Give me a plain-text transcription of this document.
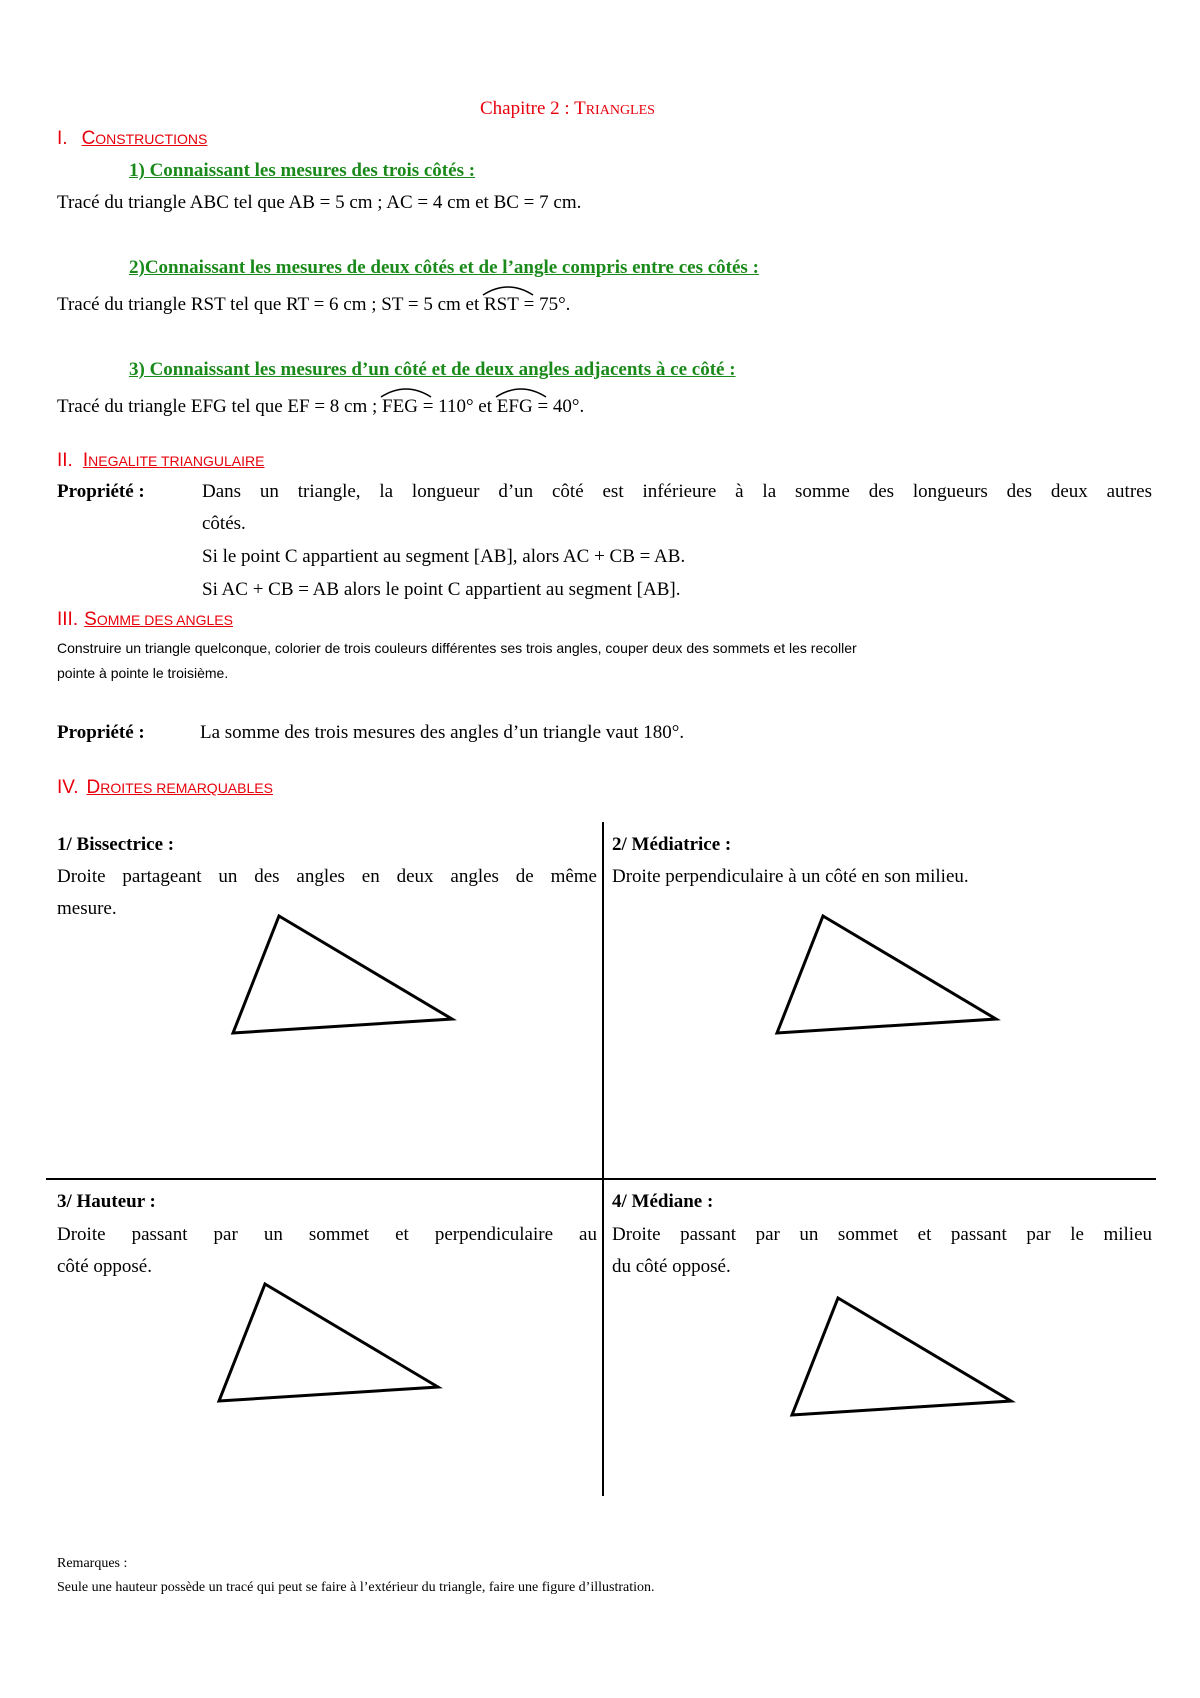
Chapitre 2 : TRIANGLES
I. CONSTRUCTIONS
1) Connaissant les mesures des trois côtés :
Tracé du triangle ABC tel que AB = 5 cm ; AC = 4 cm et BC = 7 cm.
2)Connaissant les mesures de deux côtés et de l’angle compris entre ces côtés :
Tracé du triangle RST tel que RT = 6 cm ; ST = 5 cm et
RST = 75°.
3) Connaissant les mesures d’un côté et de deux angles adjacents à ce côté :
Tracé du triangle EFG tel que EF = 8 cm ;
FEG = 110° et
EFG = 40°.
II. INEGALITE TRIANGULAIRE
Propriété :	Dans un triangle, la longueur d’un côté est inférieure à la somme des longueurs des deux autres
côtés.
Si le point C appartient au segment [AB], alors AC + CB = AB.
Si AC + CB = AB alors le point C appartient au segment [AB].
III. SOMME DES ANGLES
Construire un triangle quelconque, colorier de trois couleurs différentes ses trois angles, couper deux des sommets et les recoller
pointe à pointe le troisième.
Propriété :	La somme des trois mesures des angles d’un triangle vaut 180°.
IV. DROITES REMARQUABLES
1/ Bissectrice :
Droite partageant un des angles en deux angles de même
mesure.
2/ Médiatrice :
Droite perpendiculaire à un côté en son milieu.
3/ Hauteur :
Droite passant par un sommet et perpendiculaire au
côté opposé.
4/ Médiane :
Droite passant par un sommet et passant par le milieu
du côté opposé.
Remarques :
Seule une hauteur possède un tracé qui peut se faire à l’extérieur du triangle, faire une figure d’illustration.
